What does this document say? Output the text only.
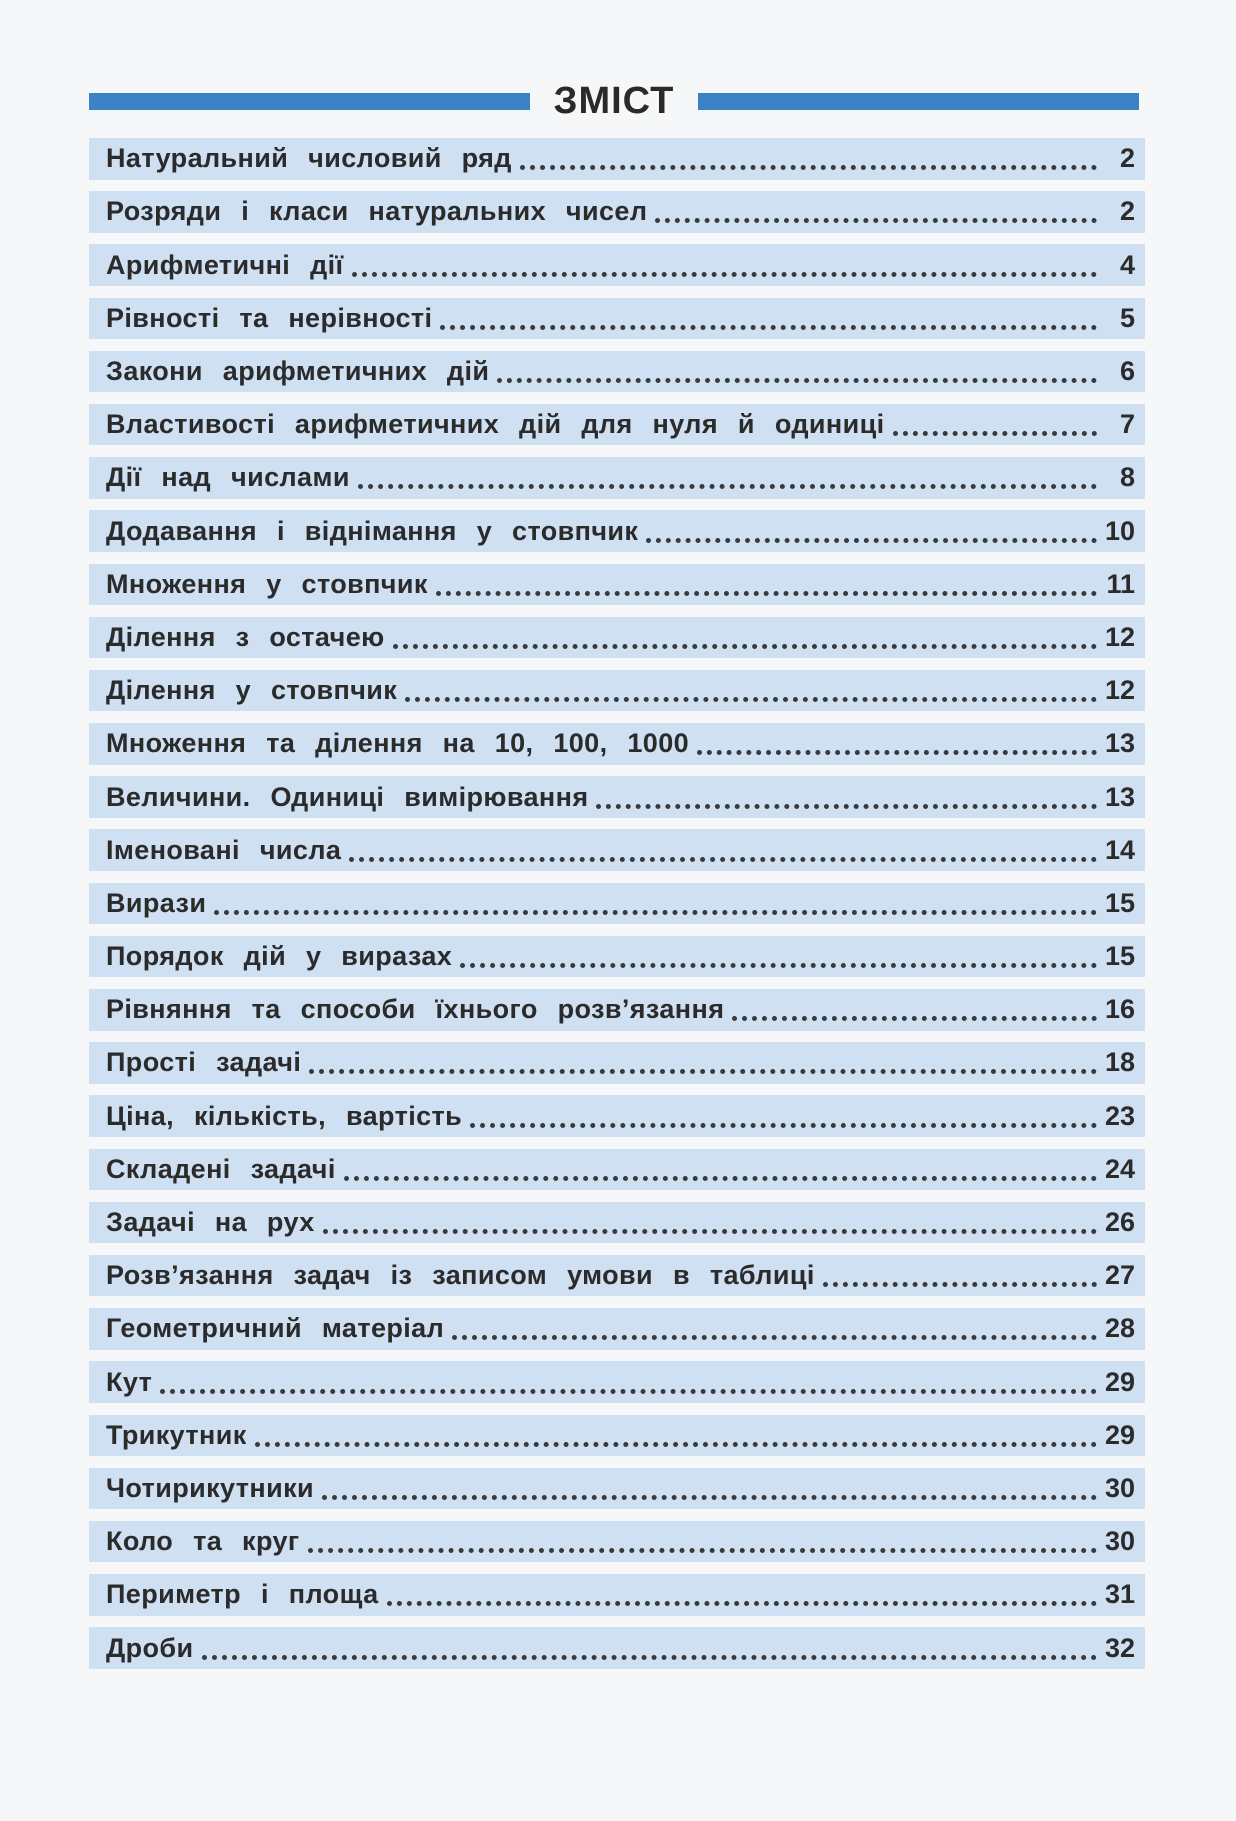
ЗМІСТ
Натуральний числовий ряд	2
Розряди і класи натуральних чисел	2
Арифметичні дії	4
Рівності та нерівності	5
Закони арифметичних дій	6
Властивості арифметичних дій для нуля й одиниці	7
Дії над числами	8
Додавання і віднімання у стовпчик	10
Множення у стовпчик	11
Ділення з остачею	12
Ділення у стовпчик	12
Множення та ділення на 10, 100, 1000	13
Величини. Одиниці вимірювання	13
Іменовані числа	14
Вирази	15
Порядок дій у виразах	15
Рівняння та способи їхнього розв’язання	16
Прості задачі	18
Ціна, кількість, вартість	23
Складені задачі	24
Задачі на рух	26
Розв’язання задач із записом умови в таблиці	27
Геометричний матеріал	28
Кут	29
Трикутник	29
Чотирикутники	30
Коло та круг	30
Периметр і площа	31
Дроби	32
